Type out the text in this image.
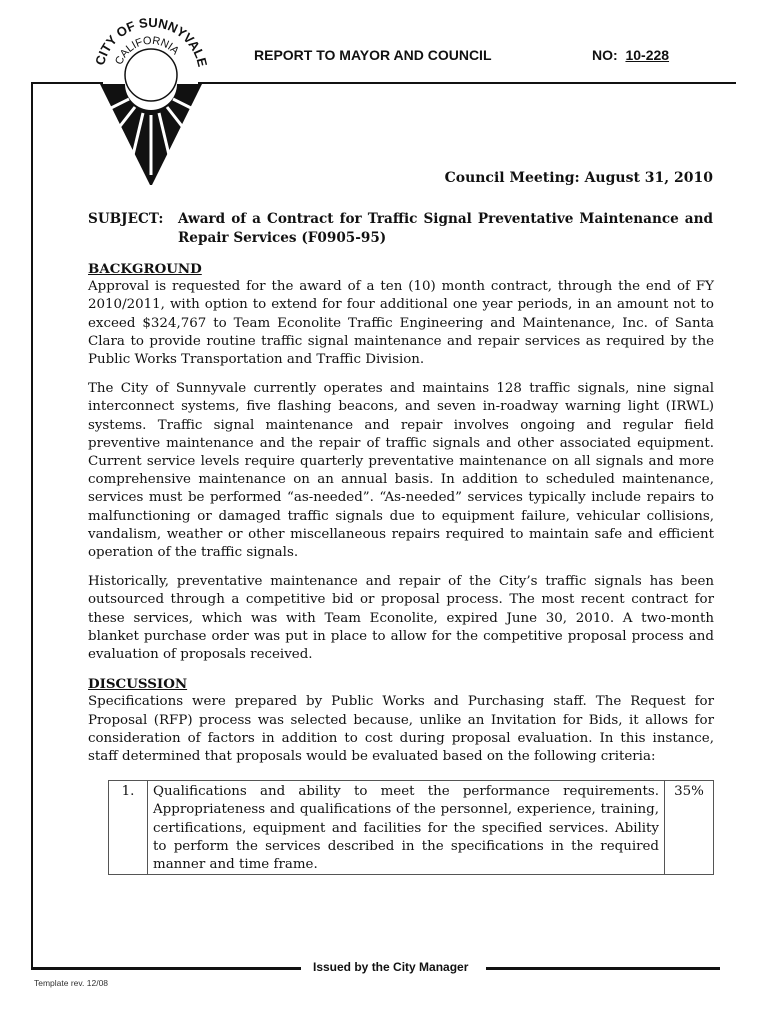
CITY OF SUNNYVALE
CALIFORNIA	REPORT TO MAYOR AND COUNCIL	NO: 10-228
Council Meeting: August 31, 2010
SUBJECT: Award of a Contract for Traffic Signal Preventative Maintenance and Repair Services (F0905-95)
BACKGROUND

Approval is requested for the award of a ten (10) month contract, through the end of FY 2010/2011, with option to extend for four additional one year periods, in an amount not to exceed $324,767 to Team Econolite Traffic Engineering and Maintenance, Inc. of Santa Clara to provide routine traffic signal maintenance and repair services as required by the Public Works Transportation and Traffic Division.

The City of Sunnyvale currently operates and maintains 128 traffic signals, nine signal interconnect systems, five flashing beacons, and seven in-roadway warning light (IRWL) systems. Traffic signal maintenance and repair involves ongoing and regular field preventive maintenance and the repair of traffic signals and other associated equipment. Current service levels require quarterly preventative maintenance on all signals and more comprehensive maintenance on an annual basis. In addition to scheduled maintenance, services must be performed “as-needed”. “As-needed” services typically include repairs to malfunctioning or damaged traffic signals due to equipment failure, vehicular collisions, vandalism, weather or other miscellaneous repairs required to maintain safe and efficient operation of the traffic signals.

Historically, preventative maintenance and repair of the City’s traffic signals has been outsourced through a competitive bid or proposal process. The most recent contract for these services, which was with Team Econolite, expired June 30, 2010. A two-month blanket purchase order was put in place to allow for the competitive proposal process and evaluation of proposals received.

DISCUSSION

Specifications were prepared by Public Works and Purchasing staff. The Request for Proposal (RFP) process was selected because, unlike an Invitation for Bids, it allows for consideration of factors in addition to cost during proposal evaluation. In this instance, staff determined that proposals would be evaluated based on the following criteria:

1.	Qualifications and ability to meet the performance requirements. Appropriateness and qualifications of the personnel, experience, training, certifications, equipment and facilities for the specified services. Ability to perform the services described in the specifications in the required manner and time frame.	35%
Issued by the City Manager
Template rev. 12/08
